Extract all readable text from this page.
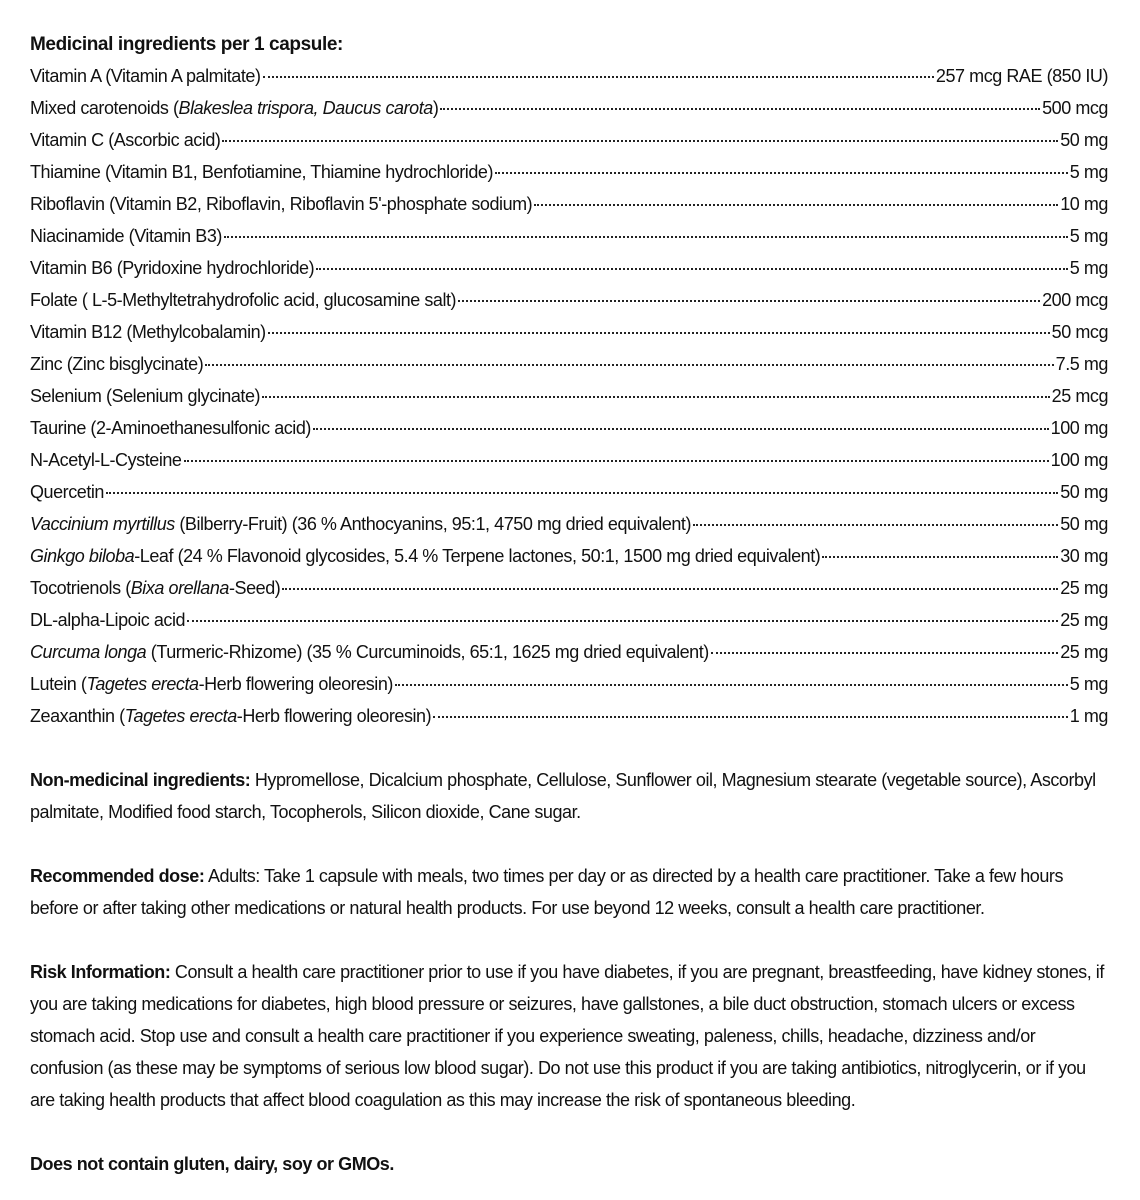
Medicinal ingredients per 1 capsule:
Vitamin A (Vitamin A palmitate)	257 mcg RAE (850 IU)
Mixed carotenoids (Blakeslea trispora, Daucus carota)	500 mcg
Vitamin C (Ascorbic acid)	50 mg
Thiamine (Vitamin B1, Benfotiamine, Thiamine hydrochloride)	5 mg
Riboflavin (Vitamin B2, Riboflavin, Riboflavin 5'-phosphate sodium)	10 mg
Niacinamide (Vitamin B3)	5 mg
Vitamin B6 (Pyridoxine hydrochloride)	5 mg
Folate ( L-5-Methyltetrahydrofolic acid, glucosamine salt)	200 mcg
Vitamin B12 (Methylcobalamin)	50 mcg
Zinc (Zinc bisglycinate)	7.5 mg
Selenium (Selenium glycinate)	25 mcg
Taurine (2-Aminoethanesulfonic acid)	100 mg
N-Acetyl-L-Cysteine	100 mg
Quercetin	50 mg
Vaccinium myrtillus (Bilberry-Fruit) (36 % Anthocyanins, 95:1, 4750 mg dried equivalent)	50 mg
Ginkgo biloba-Leaf (24 % Flavonoid glycosides, 5.4 % Terpene lactones, 50:1, 1500 mg dried equivalent)	30 mg
Tocotrienols (Bixa orellana-Seed)	25 mg
DL-alpha-Lipoic acid	25 mg
Curcuma longa (Turmeric-Rhizome) (35 % Curcuminoids, 65:1, 1625 mg dried equivalent)	25 mg
Lutein (Tagetes erecta-Herb flowering oleoresin)	5 mg
Zeaxanthin (Tagetes erecta-Herb flowering oleoresin)	1 mg

Non-medicinal ingredients: Hypromellose, Dicalcium phosphate, Cellulose, Sunflower oil, Magnesium stearate (vegetable source), Ascorbyl palmitate, Modified food starch, Tocopherols, Silicon dioxide, Cane sugar.

Recommended dose: Adults: Take 1 capsule with meals, two times per day or as directed by a health care practitioner. Take a few hours before or after taking other medications or natural health products. For use beyond 12 weeks, consult a health care practitioner.

Risk Information: Consult a health care practitioner prior to use if you have diabetes, if you are pregnant, breastfeeding, have kidney stones, if you are taking medications for diabetes, high blood pressure or seizures, have gallstones, a bile duct obstruction, stomach ulcers or excess stomach acid. Stop use and consult a health care practitioner if you experience sweating, paleness, chills, headache, dizziness and/or confusion (as these may be symptoms of serious low blood sugar). Do not use this product if you are taking antibiotics, nitroglycerin, or if you are taking health products that affect blood coagulation as this may increase the risk of spontaneous bleeding.

Does not contain gluten, dairy, soy or GMOs.
